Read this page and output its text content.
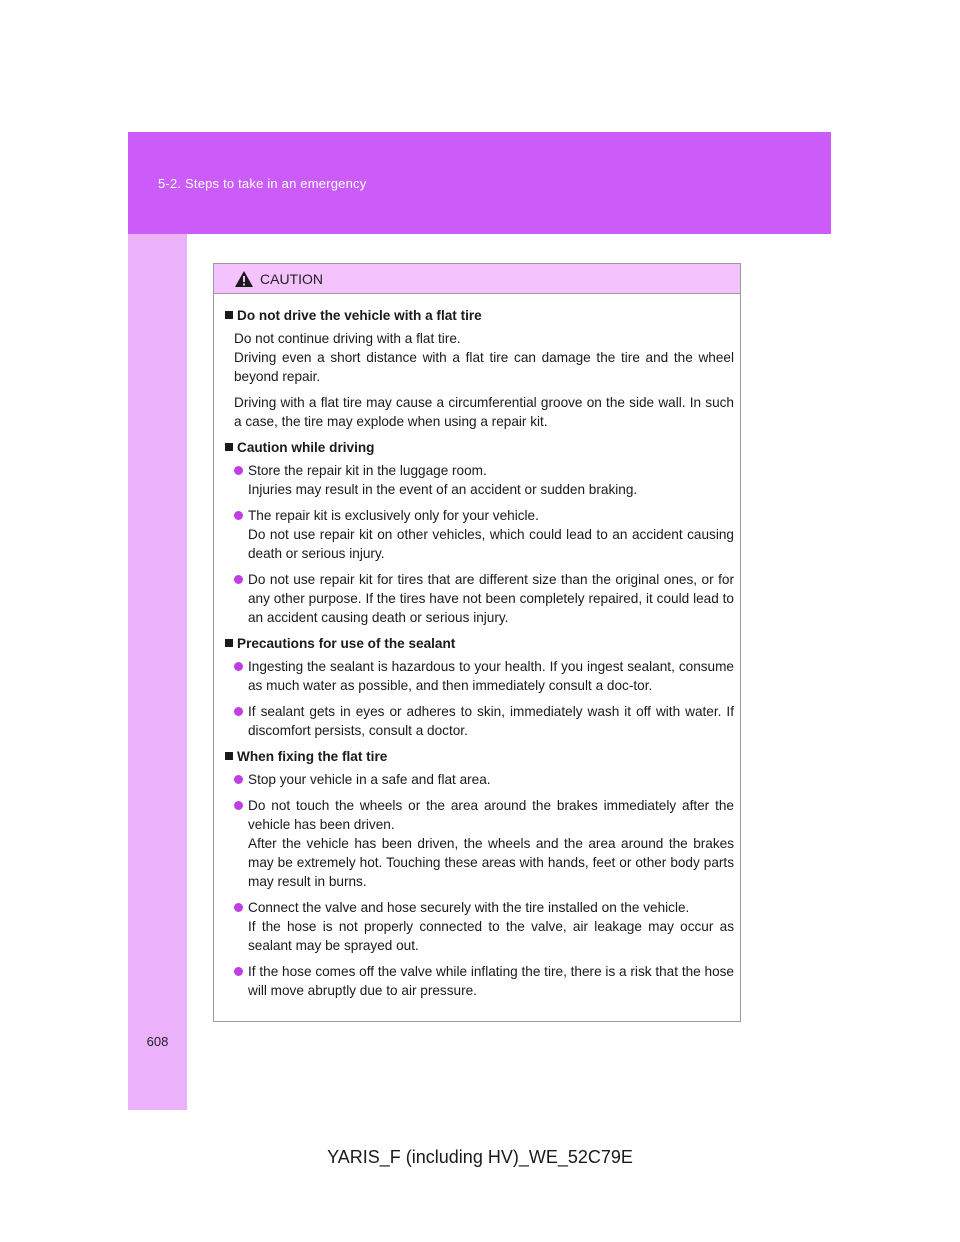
5-2. Steps to take in an emergency
608
CAUTION
Do not drive the vehicle with a flat tire
Do not continue driving with a flat tire.
Driving even a short distance with a flat tire can damage the tire and the wheel beyond repair.
Driving with a flat tire may cause a circumferential groove on the side wall. In such a case, the tire may explode when using a repair kit.
Caution while driving
Store the repair kit in the luggage room.
Injuries may result in the event of an accident or sudden braking.
The repair kit is exclusively only for your vehicle.
Do not use repair kit on other vehicles, which could lead to an accident causing death or serious injury.
Do not use repair kit for tires that are different size than the original ones, or for any other purpose. If the tires have not been completely repaired, it could lead to an accident causing death or serious injury.
Precautions for use of the sealant
Ingesting the sealant is hazardous to your health. If you ingest sealant, consume as much water as possible, and then immediately consult a doc-tor.
If sealant gets in eyes or adheres to skin, immediately wash it off with water. If discomfort persists, consult a doctor.
When fixing the flat tire
Stop your vehicle in a safe and flat area.
Do not touch the wheels or the area around the brakes immediately after the vehicle has been driven.
After the vehicle has been driven, the wheels and the area around the brakes may be extremely hot. Touching these areas with hands, feet or other body parts may result in burns.
Connect the valve and hose securely with the tire installed on the vehicle.
If the hose is not properly connected to the valve, air leakage may occur as sealant may be sprayed out.
If the hose comes off the valve while inflating the tire, there is a risk that the hose will move abruptly due to air pressure.
YARIS_F (including HV)_WE_52C79E
